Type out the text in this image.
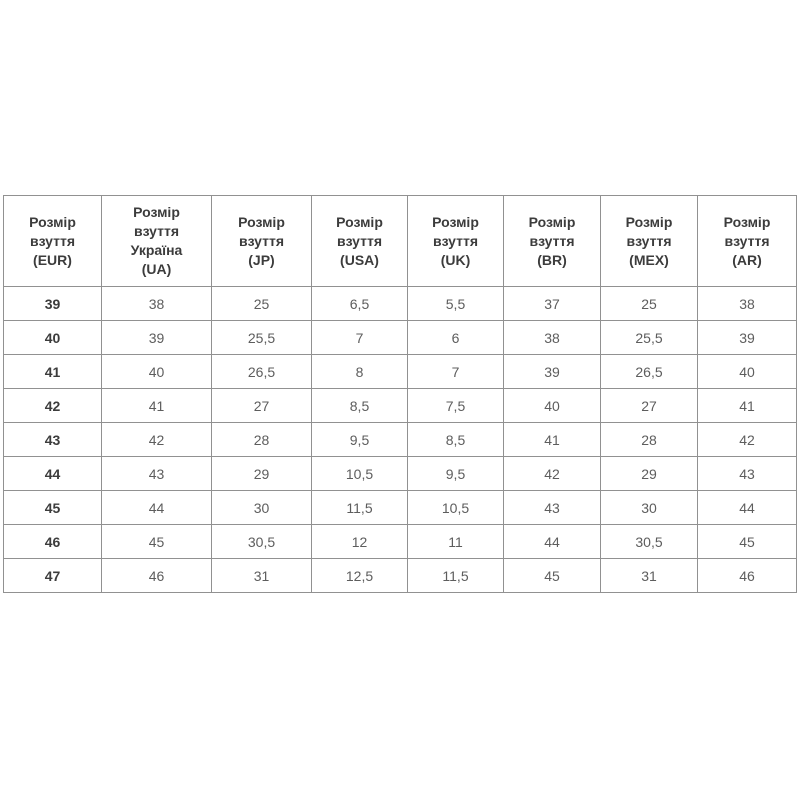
Розмір
взуття
(EUR)	Розмір
взуття
Україна
(UA)	Розмір
взуття
(JP)	Розмір
взуття
(USA)	Розмір
взуття
(UK)	Розмір
взуття
(BR)	Розмір
взуття
(MEX)	Розмір
взуття
(AR)
39	38	25	6,5	5,5	37	25	38
40	39	25,5	7	6	38	25,5	39
41	40	26,5	8	7	39	26,5	40
42	41	27	8,5	7,5	40	27	41
43	42	28	9,5	8,5	41	28	42
44	43	29	10,5	9,5	42	29	43
45	44	30	11,5	10,5	43	30	44
46	45	30,5	12	11	44	30,5	45
47	46	31	12,5	11,5	45	31	46
